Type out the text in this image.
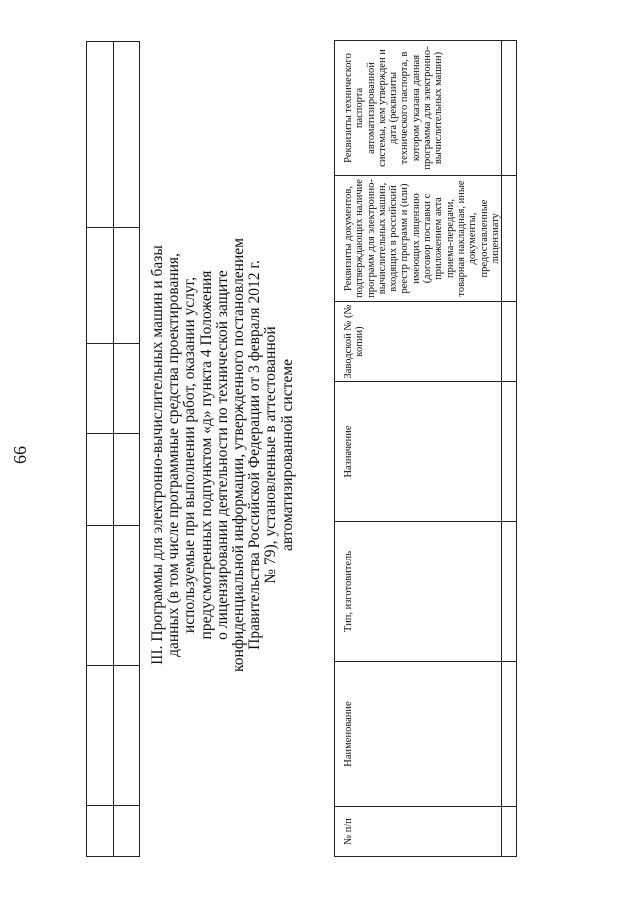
66	III. Программы для электронно-вычислительных машин и базы данных (в том числе программные средства проектирования, используемые при выполнении работ, оказании услуг, предусмотренных подпунктом «д» пункта 4 Положения о лицензировании деятельности по технической защите конфиденциальной информации, утвержденного постановлением Правительства Российской Федерации от 3 февраля 2012 г. № 79), установленные в аттестованной автоматизированной системе
№ п/п	Наименование	Тип, изготовитель	Назначение	Заводской № (№ копии)	Реквизиты документов, подтверждающих наличие программ для электронно-вычислительных машин, входящих в российский реестр программ и (или) имеющих лицензию (договор поставки с приложением акта приема-передачи, товарная накладная, иные документы, предоставленные лицензиату	Реквизиты технического паспорта автоматизированной системы, кем утвержден и дата (реквизиты технического паспорта, в котором указана данная программа для электронно-вычислительных машин)
